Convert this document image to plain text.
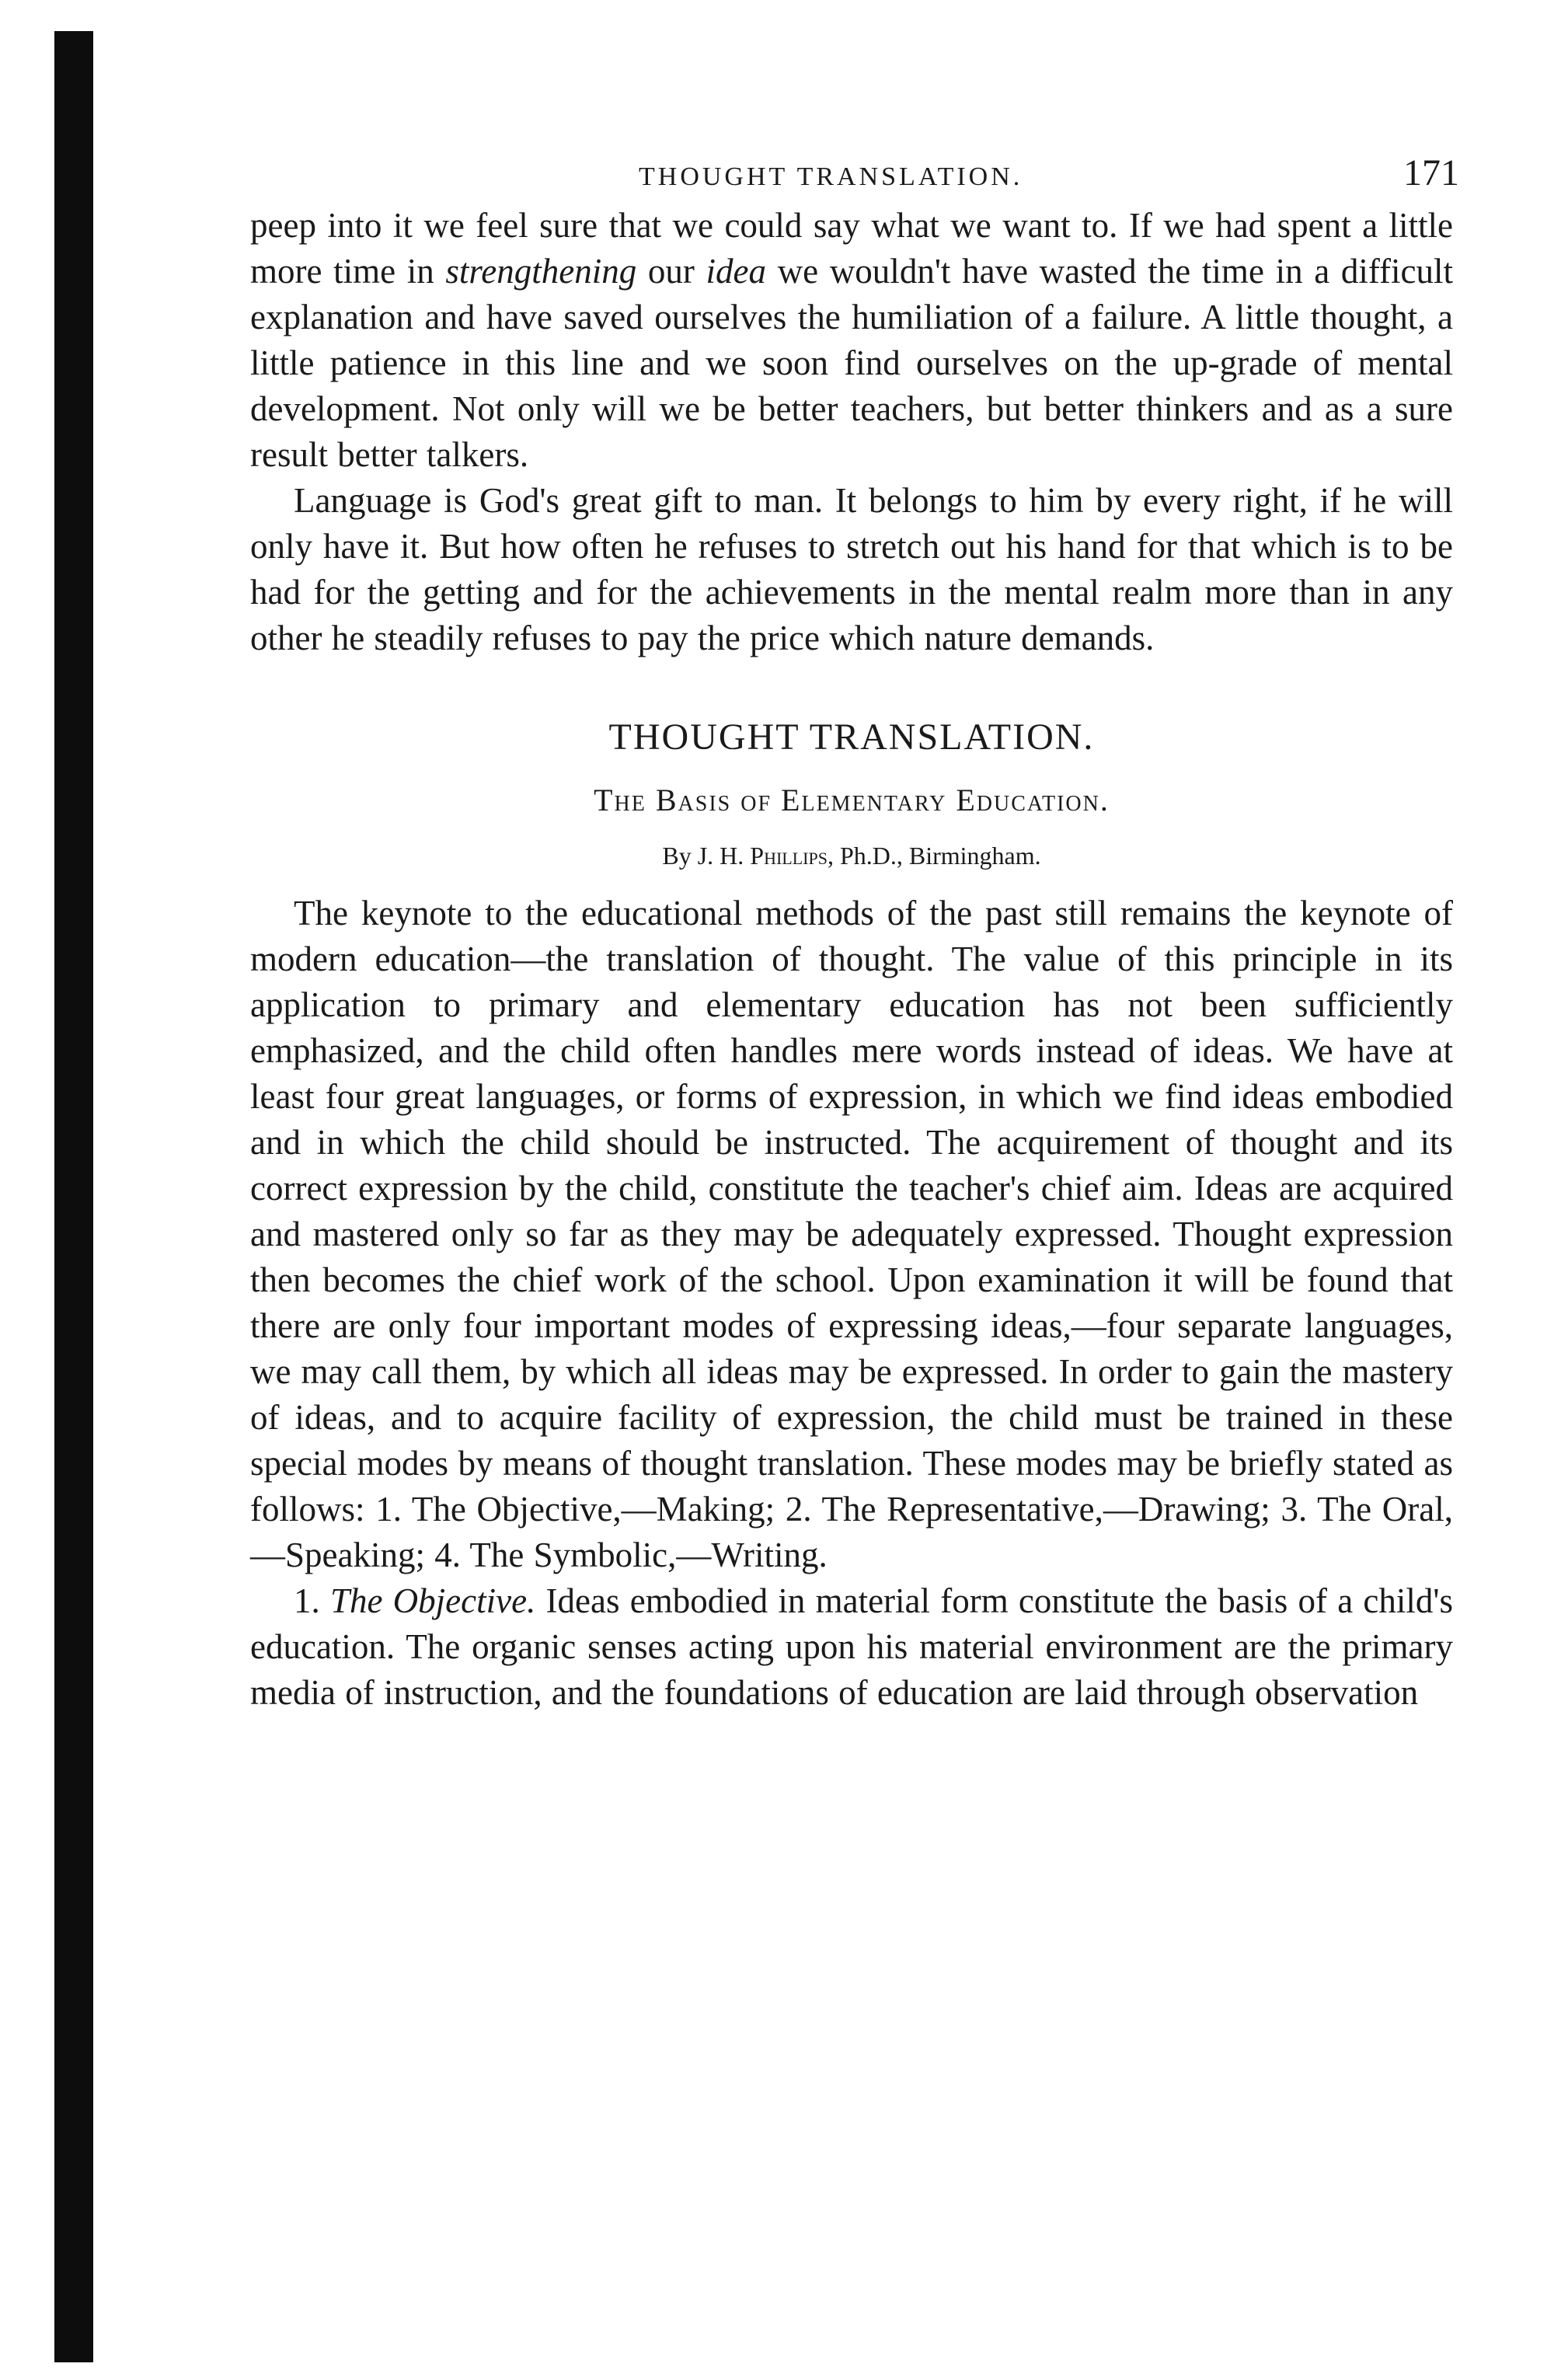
THOUGHT TRANSLATION.	171

peep into it we feel sure that we could say what we want to. If we had spent a little more time in strengthening our idea we wouldn't have wasted the time in a difficult explanation and have saved ourselves the humiliation of a failure. A little thought, a little patience in this line and we soon find ourselves on the up-grade of mental development. Not only will we be better teachers, but better thinkers and as a sure result better talkers.

Language is God's great gift to man. It belongs to him by every right, if he will only have it. But how often he refuses to stretch out his hand for that which is to be had for the getting and for the achievements in the mental realm more than in any other he steadily refuses to pay the price which nature demands.

THOUGHT TRANSLATION.
The Basis of Elementary Education.
By J. H. Phillips, Ph.D., Birmingham.

The keynote to the educational methods of the past still remains the keynote of modern education—the translation of thought. The value of this principle in its application to primary and elementary education has not been sufficiently emphasized, and the child often handles mere words instead of ideas. We have at least four great languages, or forms of expression, in which we find ideas embodied and in which the child should be instructed. The acquirement of thought and its correct expression by the child, constitute the teacher's chief aim. Ideas are acquired and mastered only so far as they may be adequately expressed. Thought expression then becomes the chief work of the school. Upon examination it will be found that there are only four important modes of expressing ideas,—four separate languages, we may call them, by which all ideas may be expressed. In order to gain the mastery of ideas, and to acquire facility of expression, the child must be trained in these special modes by means of thought translation. These modes may be briefly stated as follows: 1. The Objective,—Making; 2. The Representative,—Drawing; 3. The Oral,—Speaking; 4. The Symbolic,—Writing.

1. The Objective. Ideas embodied in material form constitute the basis of a child's education. The organic senses acting upon his material environment are the primary media of instruction, and the foundations of education are laid through observation
